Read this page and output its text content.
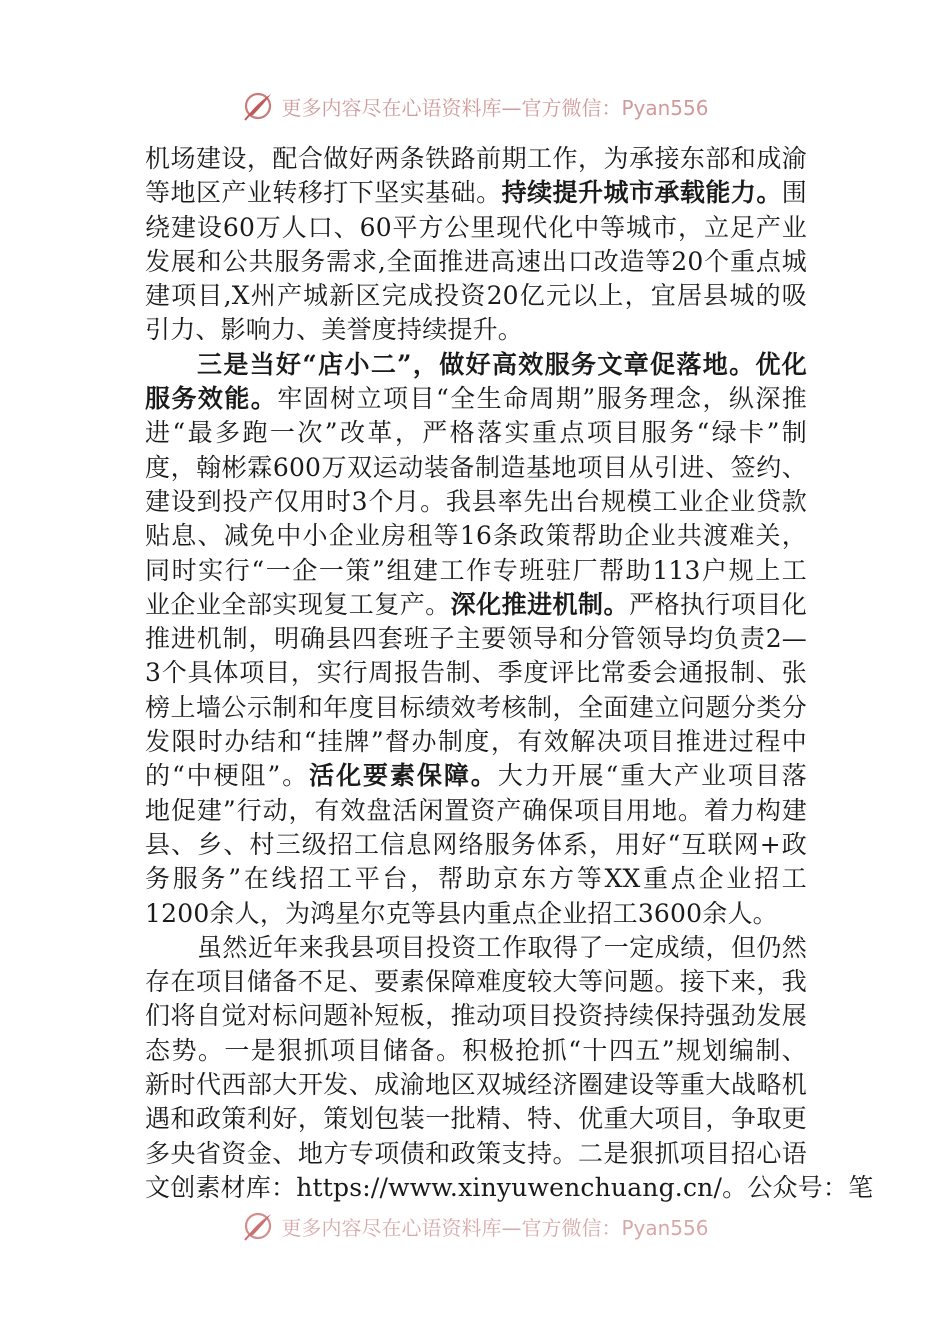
更多内容尽在心语资料库—官方微信：Pyan556
机场建设，配合做好两条铁路前期工作，为承接东部和成渝
等地区产业转移打下坚实基础。持续提升城市承载能力。围
绕建设60万人口、60平方公里现代化中等城市，立足产业
发展和公共服务需求,全面推进高速出口改造等20个重点城
建项目,X州产城新区完成投资20亿元以上，宜居县城的吸
引力、影响力、美誉度持续提升。
三是当好“店小二”，做好高效服务文章促落地。优化
服务效能。牢固树立项目“全生命周期”服务理念，纵深推
进“最多跑一次”改革，严格落实重点项目服务“绿卡”制
度，翰彬霖600万双运动装备制造基地项目从引进、签约、
建设到投产仅用时3个月。我县率先出台规模工业企业贷款
贴息、减免中小企业房租等16条政策帮助企业共渡难关，
同时实行“一企一策”组建工作专班驻厂帮助113户规上工
业企业全部实现复工复产。深化推进机制。严格执行项目化
推进机制，明确县四套班子主要领导和分管领导均负责2—
3个具体项目，实行周报告制、季度评比常委会通报制、张
榜上墙公示制和年度目标绩效考核制，全面建立问题分类分
发限时办结和“挂牌”督办制度，有效解决项目推进过程中
的“中梗阻”。活化要素保障。大力开展“重大产业项目落
地促建”行动，有效盘活闲置资产确保项目用地。着力构建
县、乡、村三级招工信息网络服务体系，用好“互联网+政
务服务”在线招工平台，帮助京东方等XX重点企业招工
1200余人，为鸿星尔克等县内重点企业招工3600余人。
虽然近年来我县项目投资工作取得了一定成绩，但仍然
存在项目储备不足、要素保障难度较大等问题。接下来，我
们将自觉对标问题补短板，推动项目投资持续保持强劲发展
态势。一是狠抓项目储备。积极抢抓“十四五”规划编制、
新时代西部大开发、成渝地区双城经济圈建设等重大战略机
遇和政策利好，策划包装一批精、特、优重大项目，争取更
多央省资金、地方专项债和政策支持。二是狠抓项目招心语
文创素材库：https://www.xinyuwenchuang.cn/。公众号：笔
更多内容尽在心语资料库—官方微信：Pyan556
